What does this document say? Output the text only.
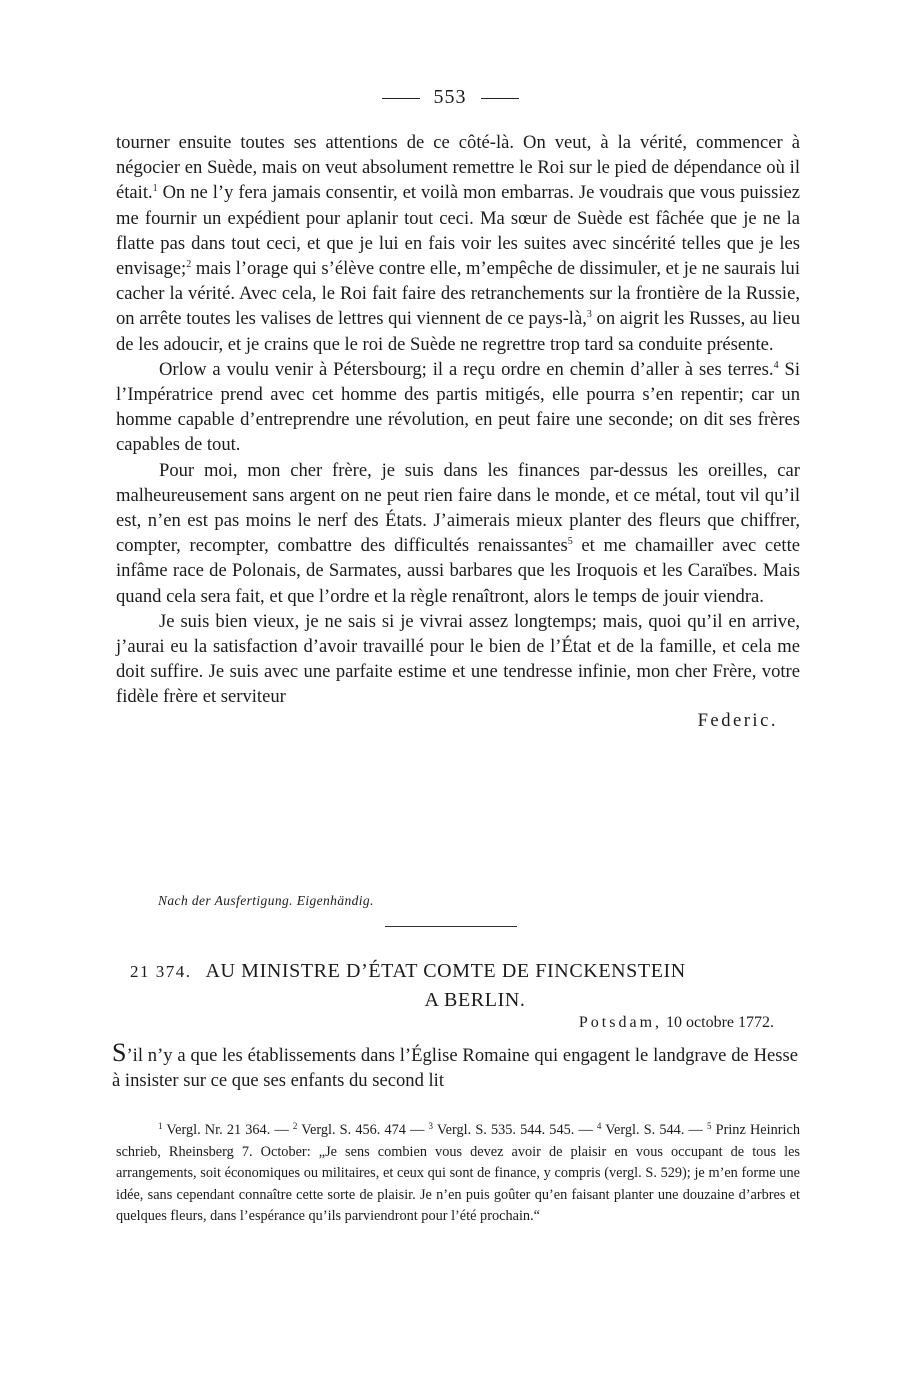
553

tourner ensuite toutes ses attentions de ce côté-là. On veut, à la vérité, commencer à négocier en Suède, mais on veut absolument remettre le Roi sur le pied de dépendance où il était.$^1$ On ne l’y fera jamais consentir, et voilà mon embarras. Je voudrais que vous puissiez me fournir un expédient pour aplanir tout ceci. Ma sœur de Suède est fâchée que je ne la flatte pas dans tout ceci, et que je lui en fais voir les suites avec sincérité telles que je les envisage;$^2$ mais l’orage qui s’élève contre elle, m’empêche de dissimuler, et je ne saurais lui cacher la vérité. Avec cela, le Roi fait faire des retranchements sur la frontière de la Russie, on arrête toutes les valises de lettres qui viennent de ce pays-là,$^3$ on aigrit les Russes, au lieu de les adoucir, et je crains que le roi de Suède ne regrettre trop tard sa conduite présente.

Orlow a voulu venir à Pétersbourg; il a reçu ordre en chemin d’aller à ses terres.$^4$ Si l’Impératrice prend avec cet homme des partis mitigés, elle pourra s’en repentir; car un homme capable d’entreprendre une révolution, en peut faire une seconde; on dit ses frères capables de tout.

Pour moi, mon cher frère, je suis dans les finances par-dessus les oreilles, car malheureusement sans argent on ne peut rien faire dans le monde, et ce métal, tout vil qu’il est, n’en est pas moins le nerf des États. J’aimerais mieux planter des fleurs que chiffrer, compter, recompter, combattre des difficultés renaissantes$^5$ et me chamailler avec cette infâme race de Polonais, de Sarmates, aussi barbares que les Iroquois et les Caraïbes. Mais quand cela sera fait, et que l’ordre et la règle renaîtront, alors le temps de jouir viendra.

Je suis bien vieux, je ne sais si je vivrai assez longtemps; mais, quoi qu’il en arrive, j’aurai eu la satisfaction d’avoir travaillé pour le bien de l’État et de la famille, et cela me doit suffire. Je suis avec une parfaite estime et une tendresse infinie, mon cher Frère, votre fidèle frère et serviteur

Federic.
Nach der Ausfertigung. Eigenhändig.
21 374. AU MINISTRE D’ÉTAT COMTE DE FINCKENSTEIN
A BERLIN.
Potsdam, 10 octobre 1772.

S’il n’y a que les établissements dans l’Église Romaine qui engagent le landgrave de Hesse à insister sur ce que ses enfants du second lit

$^1$ Vergl. Nr. 21 364. — $^2$ Vergl. S. 456. 474 — $^3$ Vergl. S. 535. 544. 545. — $^4$ Vergl. S. 544. — $^5$ Prinz Heinrich schrieb, Rheinsberg 7. October: „Je sens combien vous devez avoir de plaisir en vous occupant de tous les arrangements, soit économiques ou militaires, et ceux qui sont de finance, y compris (vergl. S. 529); je m’en forme une idée, sans cependant connaître cette sorte de plaisir. Je n’en puis goûter qu’en faisant planter une douzaine d’arbres et quelques fleurs, dans l’espérance qu’ils parviendront pour l’été prochain.“
